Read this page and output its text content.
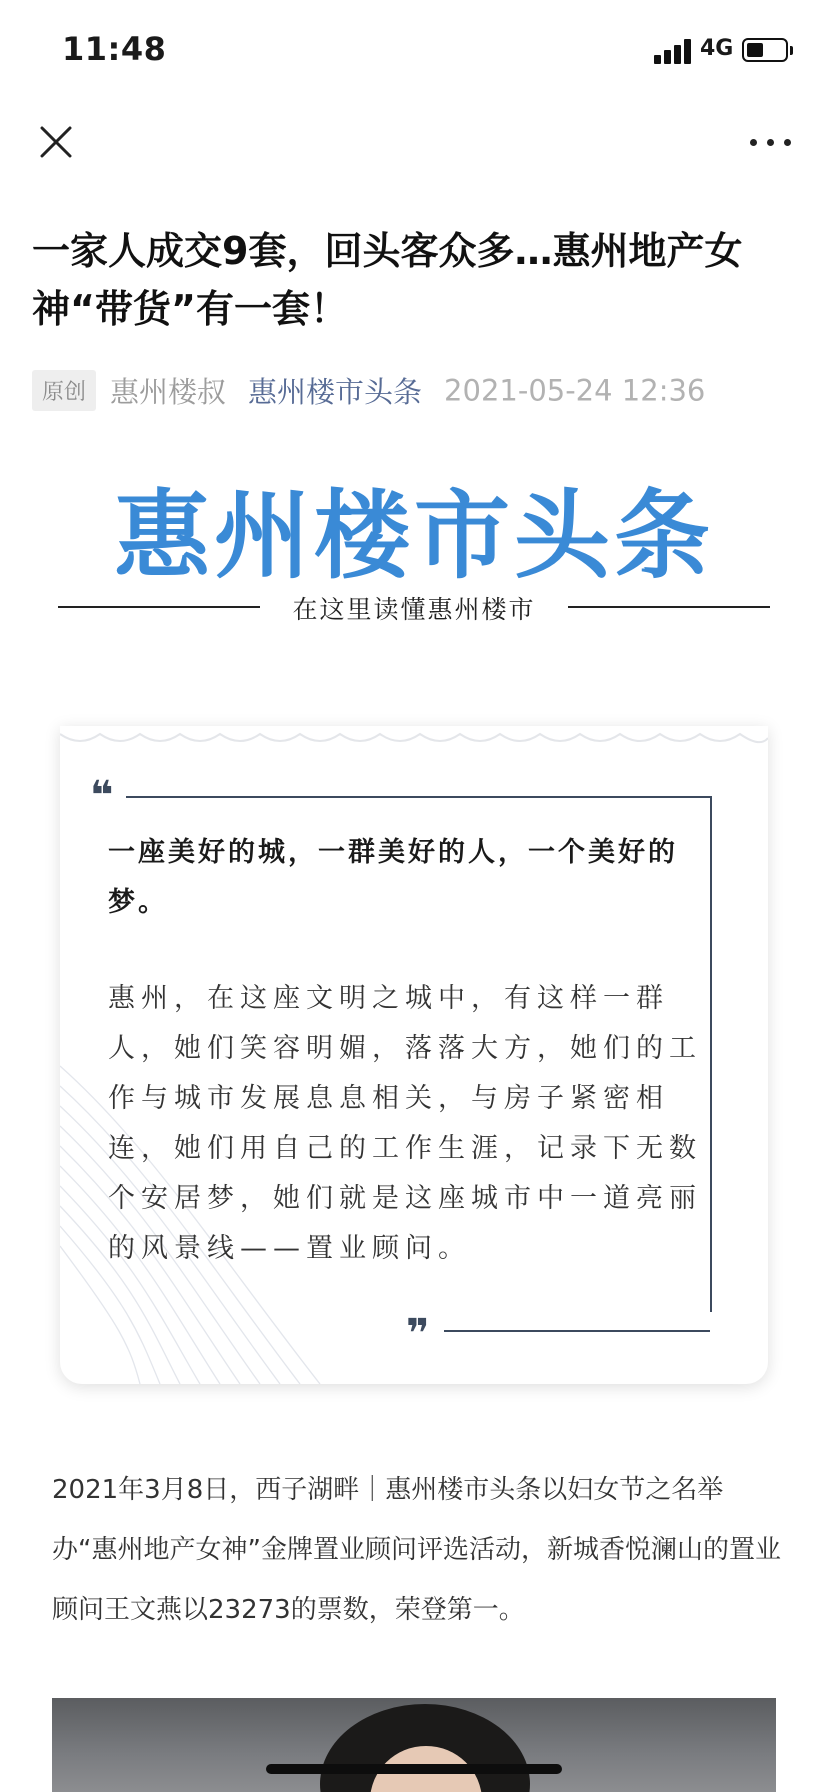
11:48	4G
一家人成交9套，回头客众多…惠州地产女神“带货”有一套！
原创 惠州楼叔 惠州楼市头条 2021-05-24 12:36
惠州楼市头条
在这里读懂惠州楼市
❝

一座美好的城，一群美好的人，一个美好的梦。

惠州，在这座文明之城中，有这样一群人，她们笑容明媚，落落大方，她们的工作与城市发展息息相关，与房子紧密相连，她们用自己的工作生涯，记录下无数个安居梦，她们就是这座城市中一道亮丽的风景线——置业顾问。

❞

2021年3月8日，西子湖畔｜惠州楼市头条以妇女节之名举办“惠州地产女神”金牌置业顾问评选活动，新城香悦澜山的置业顾问王文燕以23273的票数，荣登第一。
